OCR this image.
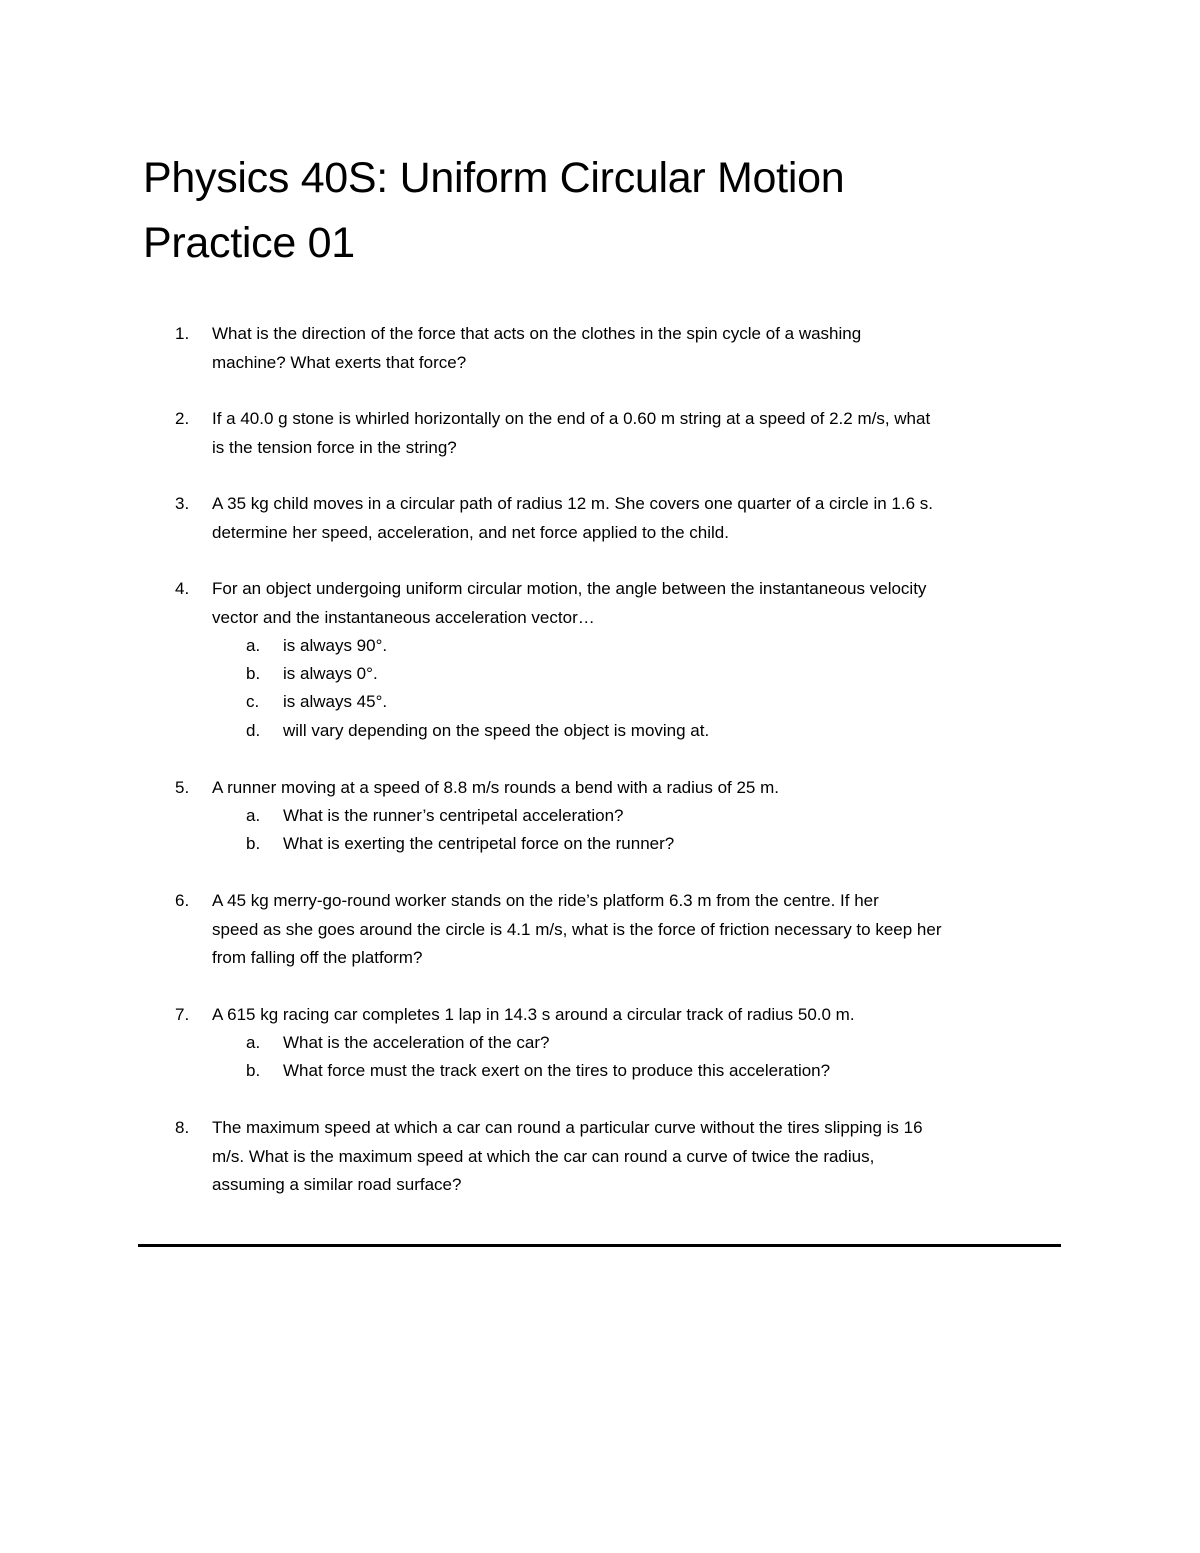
Physics 40S: Uniform Circular Motion
Practice 01
1. What is the direction of the force that acts on the clothes in the spin cycle of a washing
machine? What exerts that force?
2. If a 40.0 g stone is whirled horizontally on the end of a 0.60 m string at a speed of 2.2 m/s, what
is the tension force in the string?
3. A 35 kg child moves in a circular path of radius 12 m. She covers one quarter of a circle in 1.6 s.
determine her speed, acceleration, and net force applied to the child.
4. For an object undergoing uniform circular motion, the angle between the instantaneous velocity
vector and the instantaneous acceleration vector…
a. is always 90°.
b. is always 0°.
c. is always 45°.
d. will vary depending on the speed the object is moving at.
5. A runner moving at a speed of 8.8 m/s rounds a bend with a radius of 25 m.
a. What is the runner’s centripetal acceleration?
b. What is exerting the centripetal force on the runner?
6. A 45 kg merry-go-round worker stands on the ride’s platform 6.3 m from the centre. If her
speed as she goes around the circle is 4.1 m/s, what is the force of friction necessary to keep her
from falling off the platform?
7. A 615 kg racing car completes 1 lap in 14.3 s around a circular track of radius 50.0 m.
a. What is the acceleration of the car?
b. What force must the track exert on the tires to produce this acceleration?
8. The maximum speed at which a car can round a particular curve without the tires slipping is 16
m/s. What is the maximum speed at which the car can round a curve of twice the radius,
assuming a similar road surface?
